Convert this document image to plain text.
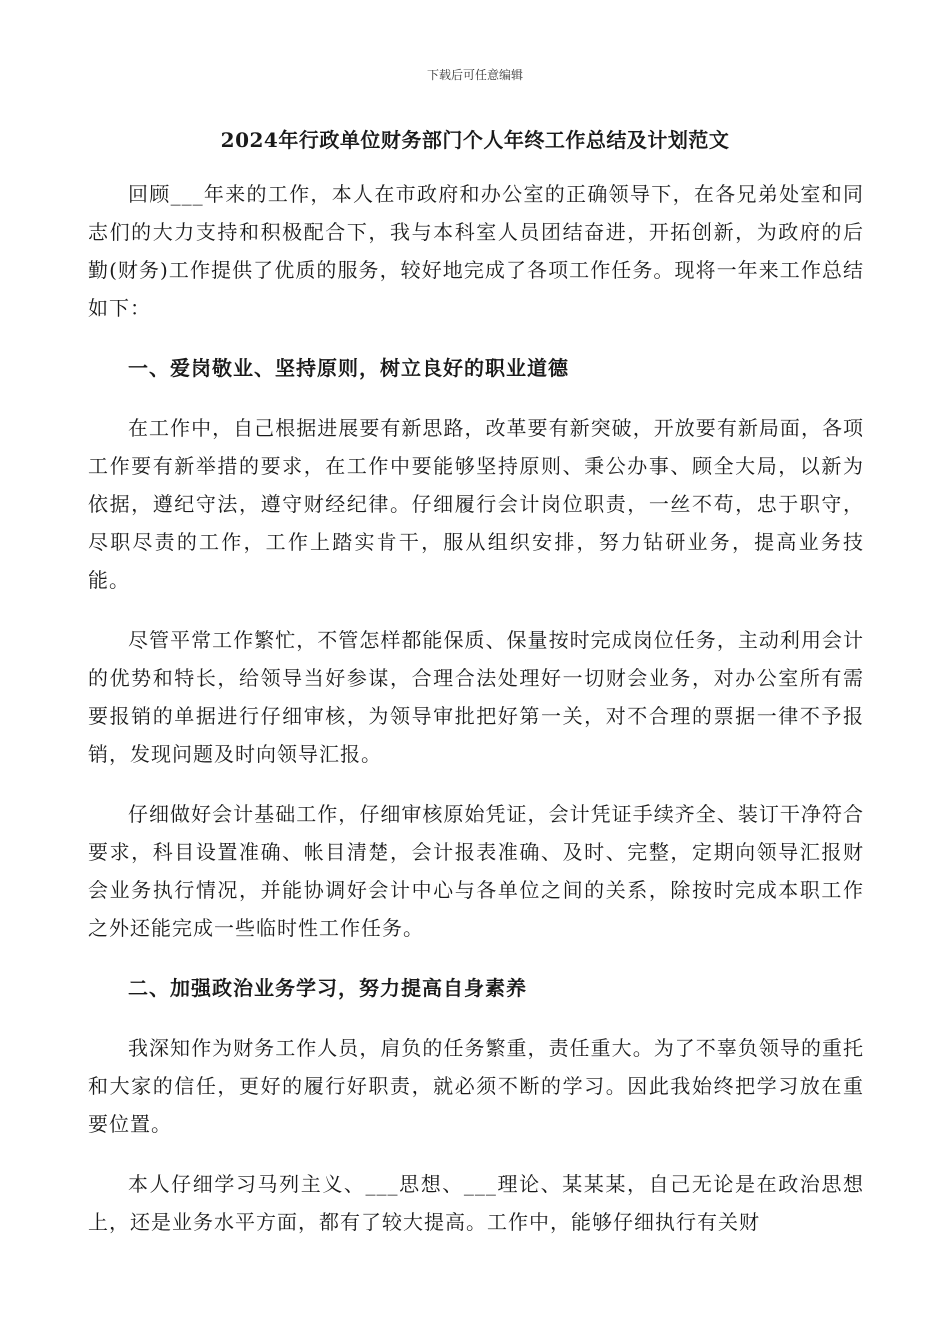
下载后可任意编辑
2024年行政单位财务部门个人年终工作总结及计划范文

回顾___年来的工作，本人在市政府和办公室的正确领导下，在各兄弟处室和同志们的大力支持和积极配合下，我与本科室人员团结奋进，开拓创新，为政府的后勤(财务)工作提供了优质的服务，较好地完成了各项工作任务。现将一年来工作总结如下：

一、爱岗敬业、坚持原则，树立良好的职业道德

在工作中，自己根据进展要有新思路，改革要有新突破，开放要有新局面，各项工作要有新举措的要求，在工作中要能够坚持原则、秉公办事、顾全大局，以新为依据，遵纪守法，遵守财经纪律。仔细履行会计岗位职责，一丝不苟，忠于职守，尽职尽责的工作，工作上踏实肯干，服从组织安排，努力钻研业务，提高业务技能。

尽管平常工作繁忙，不管怎样都能保质、保量按时完成岗位任务，主动利用会计的优势和特长，给领导当好参谋，合理合法处理好一切财会业务，对办公室所有需要报销的单据进行仔细审核，为领导审批把好第一关，对不合理的票据一律不予报销，发现问题及时向领导汇报。

仔细做好会计基础工作，仔细审核原始凭证，会计凭证手续齐全、装订干净符合要求，科目设置准确、帐目清楚，会计报表准确、及时、完整，定期向领导汇报财会业务执行情况，并能协调好会计中心与各单位之间的关系，除按时完成本职工作之外还能完成一些临时性工作任务。

二、加强政治业务学习，努力提高自身素养

我深知作为财务工作人员，肩负的任务繁重，责任重大。为了不辜负领导的重托和大家的信任，更好的履行好职责，就必须不断的学习。因此我始终把学习放在重要位置。

本人仔细学习马列主义、___思想、___理论、某某某，自己无论是在政治思想上，还是业务水平方面，都有了较大提高。工作中，能够仔细执行有关财
